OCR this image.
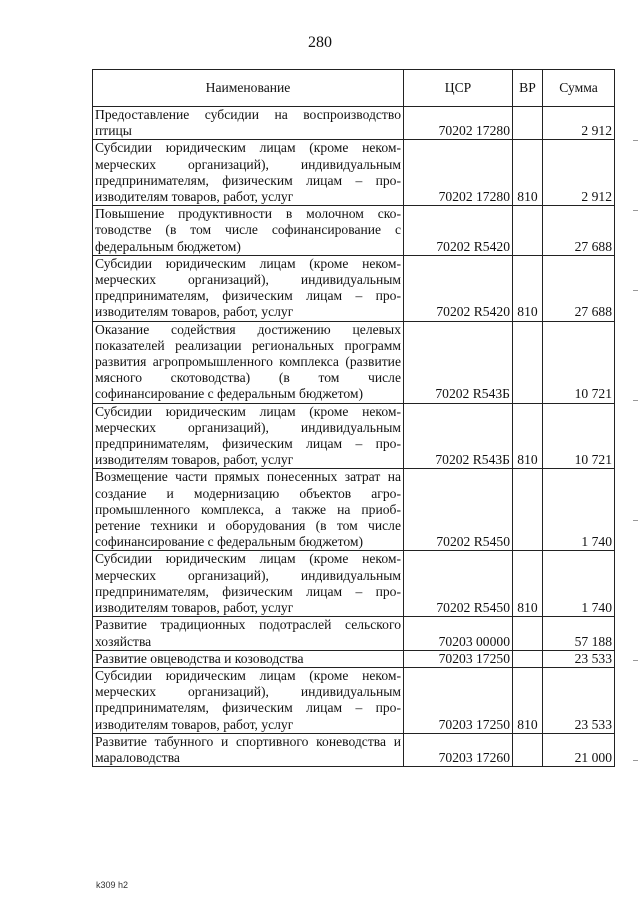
280
Наименование	ЦСР	ВР	Сумма
Предоставление субсидии на воспроизводство птицы	70202 17280		2 912
Субсидии юридическим лицам (кроме некоммерческих организаций), индивидуальным предпринимателям, физическим лицам – производителям товаров, работ, услуг	70202 17280	810	2 912
Повышение продуктивности в молочном скотоводстве (в том числе софинансирование с федеральным бюджетом)	70202 R5420		27 688
Субсидии юридическим лицам (кроме некоммерческих организаций), индивидуальным предпринимателям, физическим лицам – производителям товаров, работ, услуг	70202 R5420	810	27 688
Оказание содействия достижению целевых показателей реализации региональных программ развития агропромышленного комплекса (развитие мясного скотоводства) (в том числе софинансирование с федеральным бюджетом)	70202 R543Б		10 721
Субсидии юридическим лицам (кроме некоммерческих организаций), индивидуальным предпринимателям, физическим лицам – производителям товаров, работ, услуг	70202 R543Б	810	10 721
Возмещение части прямых понесенных затрат на создание и модернизацию объектов агропромышленного комплекса, а также на приобретение техники и оборудования (в том числе софинансирование с федеральным бюджетом)	70202 R5450		1 740
Субсидии юридическим лицам (кроме некоммерческих организаций), индивидуальным предпринимателям, физическим лицам – производителям товаров, работ, услуг	70202 R5450	810	1 740
Развитие традиционных подотраслей сельского хозяйства	70203 00000		57 188
Развитие овцеводства и козоводства	70203 17250		23 533
Субсидии юридическим лицам (кроме некоммерческих организаций), индивидуальным предпринимателям, физическим лицам – производителям товаров, работ, услуг	70203 17250	810	23 533
Развитие табунного и спортивного коневодства и мараловодства	70203 17260		21 000
k309 h2
